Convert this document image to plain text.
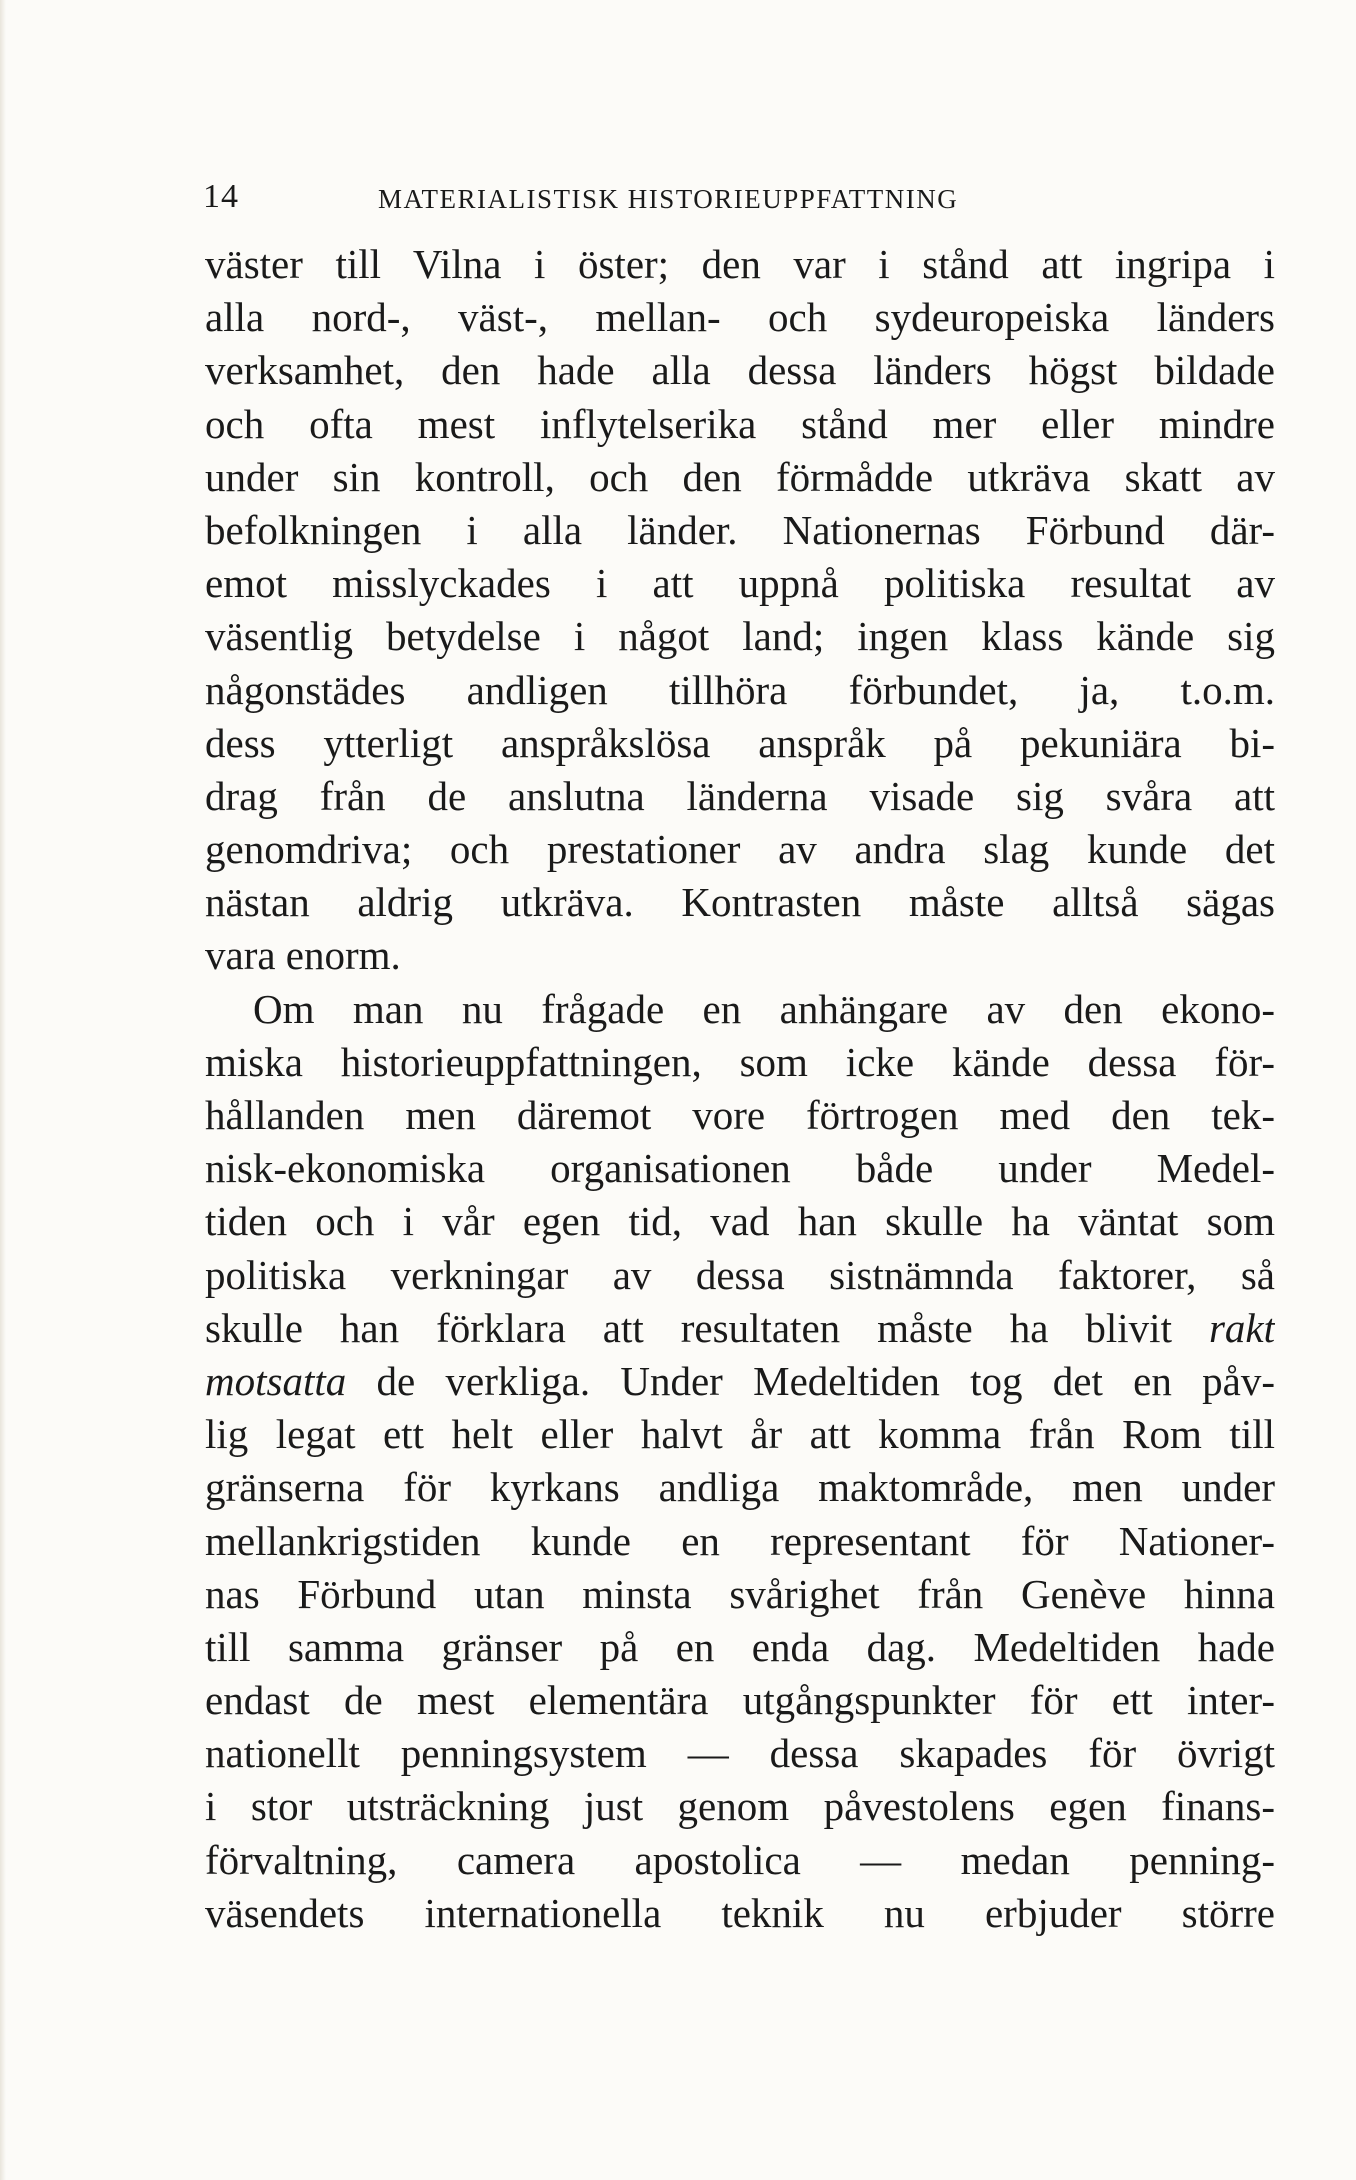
14	MATERIALISTISK HISTORIEUPPFATTNING
väster till Vilna i öster; den var i stånd att ingripa i
alla nord-, väst-, mellan- och sydeuropeiska länders
verksamhet, den hade alla dessa länders högst bildade
och ofta mest inflytelserika stånd mer eller mindre
under sin kontroll, och den förmådde utkräva skatt av
befolkningen i alla länder. Nationernas Förbund där-
emot misslyckades i att uppnå politiska resultat av
väsentlig betydelse i något land; ingen klass kände sig
någonstädes andligen tillhöra förbundet, ja, t.o.m.
dess ytterligt anspråkslösa anspråk på pekuniära bi-
drag från de anslutna länderna visade sig svåra att
genomdriva; och prestationer av andra slag kunde det
nästan aldrig utkräva. Kontrasten måste alltså sägas
vara enorm.
Om man nu frågade en anhängare av den ekono-
miska historieuppfattningen, som icke kände dessa för-
hållanden men däremot vore förtrogen med den tek-
nisk-ekonomiska organisationen både under Medel-
tiden och i vår egen tid, vad han skulle ha väntat som
politiska verkningar av dessa sistnämnda faktorer, så
skulle han förklara att resultaten måste ha blivit rakt
motsatta de verkliga. Under Medeltiden tog det en påv-
lig legat ett helt eller halvt år att komma från Rom till
gränserna för kyrkans andliga maktområde, men under
mellankrigstiden kunde en representant för Nationer-
nas Förbund utan minsta svårighet från Genève hinna
till samma gränser på en enda dag. Medeltiden hade
endast de mest elementära utgångspunkter för ett inter-
nationellt penningsystem — dessa skapades för övrigt
i stor utsträckning just genom påvestolens egen finans-
förvaltning, camera apostolica — medan penning-
väsendets internationella teknik nu erbjuder större
